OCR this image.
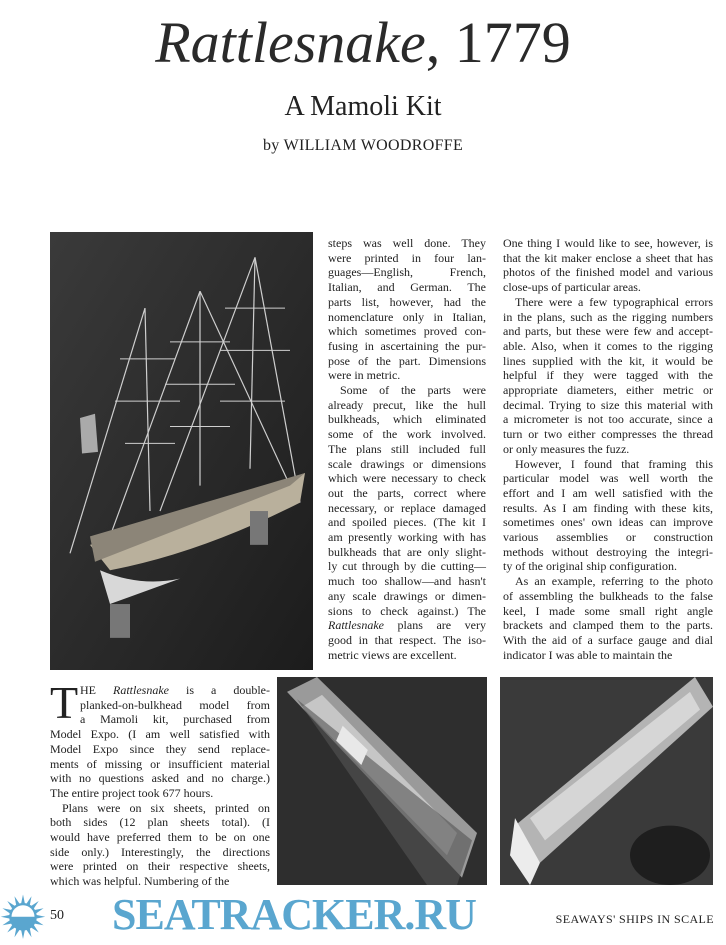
Rattlesnake, 1779
A Mamoli Kit
by WILLIAM WOODROFFE
steps was well done. They
were printed in four lan-
guages—English, French,
Italian, and German. The
parts list, however, had the
nomenclature only in Italian,
which sometimes proved con-
fusing in ascertaining the pur-
pose of the part. Dimensions
were in metric.
Some of the parts were
already precut, like the hull
bulkheads, which eliminated
some of the work involved.
The plans still included full
scale drawings or dimensions
which were necessary to check
out the parts, correct where
necessary, or replace damaged
and spoiled pieces. (The kit I
am presently working with has
bulkheads that are only slight-
ly cut through by die cutting—
much too shallow—and hasn't
any scale drawings or dimen-
sions to check against.) The
Rattlesnake plans are very
good in that respect. The iso-
metric views are excellent.
One thing I would like to see, however, is
that the kit maker enclose a sheet that has
photos of the finished model and various
close-ups of particular areas.
There were a few typographical errors
in the plans, such as the rigging numbers
and parts, but these were few and accept-
able. Also, when it comes to the rigging
lines supplied with the kit, it would be
helpful if they were tagged with the
appropriate diameters, either metric or
decimal. Trying to size this material with
a micrometer is not too accurate, since a
turn or two either compresses the thread
or only measures the fuzz.
However, I found that framing this
particular model was well worth the
effort and I am well satisfied with the
results. As I am finding with these kits,
sometimes ones' own ideas can improve
various assemblies or construction
methods without destroying the integri-
ty of the original ship configuration.
As an example, referring to the photo
of assembling the bulkheads to the false
keel, I made some small right angle
brackets and clamped them to the parts.
With the aid of a surface gauge and dial
indicator I was able to maintain the
T HE Rattlesnake is a double-
planked-on-bulkhead model from
a Mamoli kit, purchased from
Model Expo. (I am well satisfied with
Model Expo since they send replace-
ments of missing or insufficient material
with no questions asked and no charge.)
The entire project took 677 hours.
Plans were on six sheets, printed on
both sides (12 plan sheets total). (I
would have preferred them to be on one
side only.) Interestingly, the directions
were printed on their respective sheets,
which was helpful. Numbering of the
50	SEAWAYS' SHIPS IN SCALE
SEATRACKER.RU
